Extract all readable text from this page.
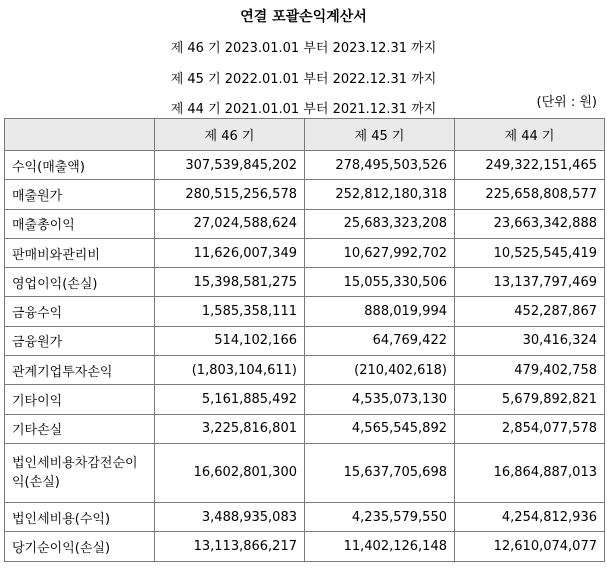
연결 포괄손익계산서
제 46 기 2023.01.01 부터 2023.12.31 까지
제 45 기 2022.01.01 부터 2022.12.31 까지
제 44 기 2021.01.01 부터 2021.12.31 까지	(단위 : 원)
	제 46 기	제 45 기	제 44 기
수익(매출액)	307,539,845,202	278,495,503,526	249,322,151,465
매출원가	280,515,256,578	252,812,180,318	225,658,808,577
매출총이익	27,024,588,624	25,683,323,208	23,663,342,888
판매비와관리비	11,626,007,349	10,627,992,702	10,525,545,419
영업이익(손실)	15,398,581,275	15,055,330,506	13,137,797,469
금융수익	1,585,358,111	888,019,994	452,287,867
금융원가	514,102,166	64,769,422	30,416,324
관계기업투자손익	(1,803,104,611)	(210,402,618)	479,402,758
기타이익	5,161,885,492	4,535,073,130	5,679,892,821
기타손실	3,225,816,801	4,565,545,892	2,854,077,578
법인세비용차감전순이익(손실)	16,602,801,300	15,637,705,698	16,864,887,013
법인세비용(수익)	3,488,935,083	4,235,579,550	4,254,812,936
당기순이익(손실)	13,113,866,217	11,402,126,148	12,610,074,077
